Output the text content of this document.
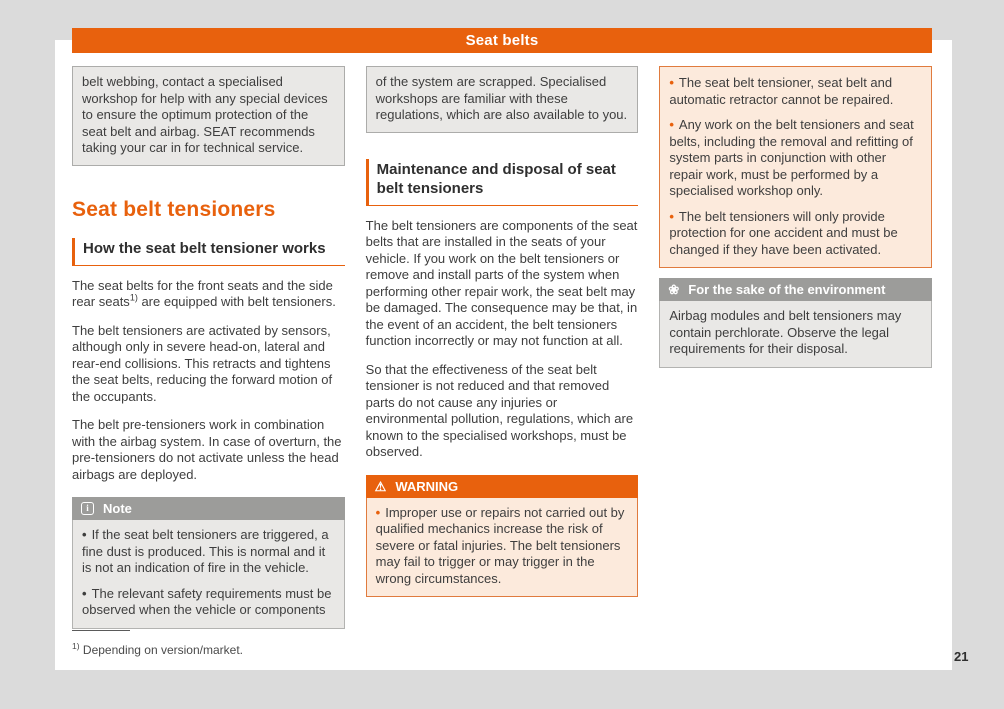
Seat belts
belt webbing, contact a specialised workshop for help with any special devices to ensure the optimum protection of the seat belt and airbag. SEAT recommends taking your car in for technical service.
Seat belt tensioners
How the seat belt tensioner works

The seat belts for the front seats and the side rear seats$^{1)}$ are equipped with belt tensioners.

The belt tensioners are activated by sensors, although only in severe head-on, lateral and rear-end collisions. This retracts and tightens the seat belts, reducing the forward motion of the occupants.

The belt pre-tensioners work in combination with the airbag system. In case of overturn, the pre-tensioners do not activate unless the head airbags are deployed.

i	Note

• If the seat belt tensioners are triggered, a fine dust is produced. This is normal and it is not an indication of fire in the vehicle.

• The relevant safety requirements must be observed when the vehicle or components

of the system are scrapped. Specialised workshops are familiar with these regulations, which are also available to you.
Maintenance and disposal of seat belt tensioners

The belt tensioners are components of the seat belts that are installed in the seats of your vehicle. If you work on the belt tensioners or remove and install parts of the system when performing other repair work, the seat belt may be damaged. The consequence may be that, in the event of an accident, the belt tensioners function incorrectly or may not function at all.

So that the effectiveness of the seat belt tensioner is not reduced and that removed parts do not cause any injuries or environmental pollution, regulations, which are known to the specialised workshops, must be observed.

⚠ WARNING

• Improper use or repairs not carried out by qualified mechanics increase the risk of severe or fatal injuries. The belt tensioners may fail to trigger or may trigger in the wrong circumstances.

• The seat belt tensioner, seat belt and automatic retractor cannot be repaired.

• Any work on the belt tensioners and seat belts, including the removal and refitting of system parts in conjunction with other repair work, must be performed by a specialised workshop only.

• The belt tensioners will only provide protection for one accident and must be changed if they have been activated.

❀ For the sake of the environment
Airbag modules and belt tensioners may contain perchlorate. Observe the legal requirements for their disposal.
$^{1)}$ Depending on version/market.	21
